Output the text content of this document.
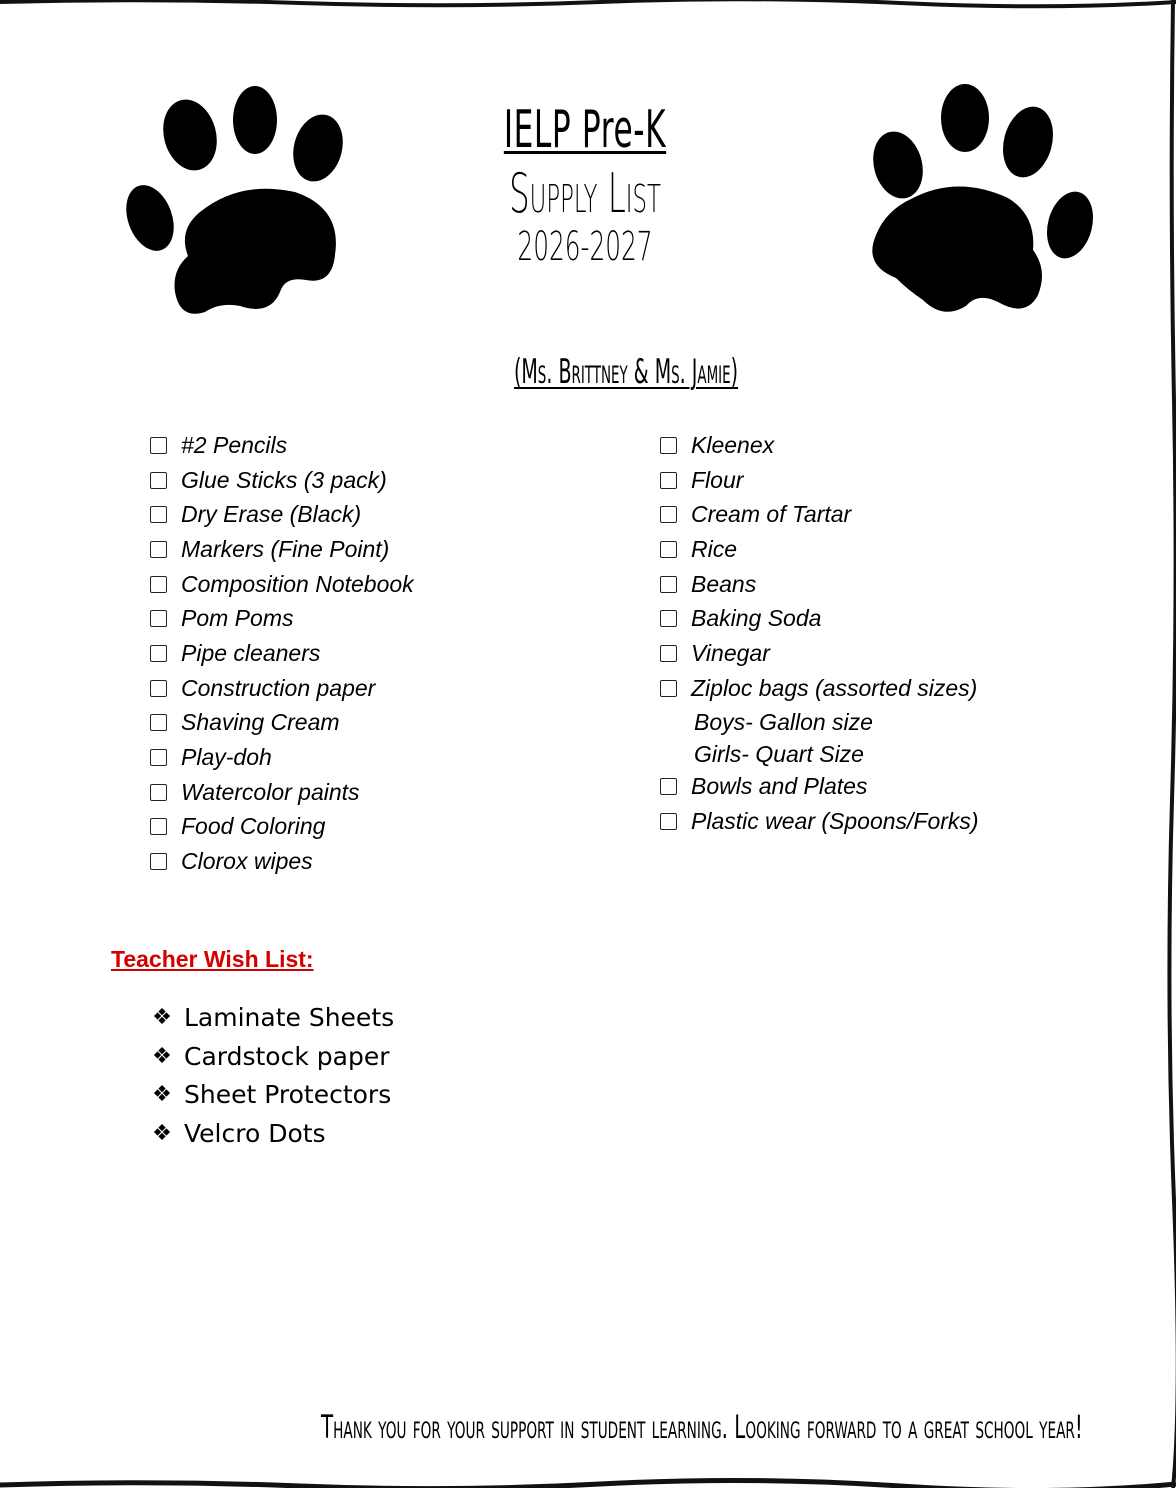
IELP Pre-K
Supply List
2026-2027
(Ms. Brittney & Ms. Jamie)
#2 Pencils
Glue Sticks (3 pack)
Dry Erase (Black)
Markers (Fine Point)
Composition Notebook
Pom Poms
Pipe cleaners
Construction paper
Shaving Cream
Play-doh
Watercolor paints
Food Coloring
Clorox wipes
Kleenex
Flour
Cream of Tartar
Rice
Beans
Baking Soda
Vinegar
Ziploc bags (assorted sizes)
Boys- Gallon size
Girls- Quart Size
Bowls and Plates
Plastic wear (Spoons/Forks)
Teacher Wish List:
❖ Laminate Sheets
❖ Cardstock paper
❖ Sheet Protectors
❖ Velcro Dots
Thank you for your support in student learning. Looking forward to a great school year!
